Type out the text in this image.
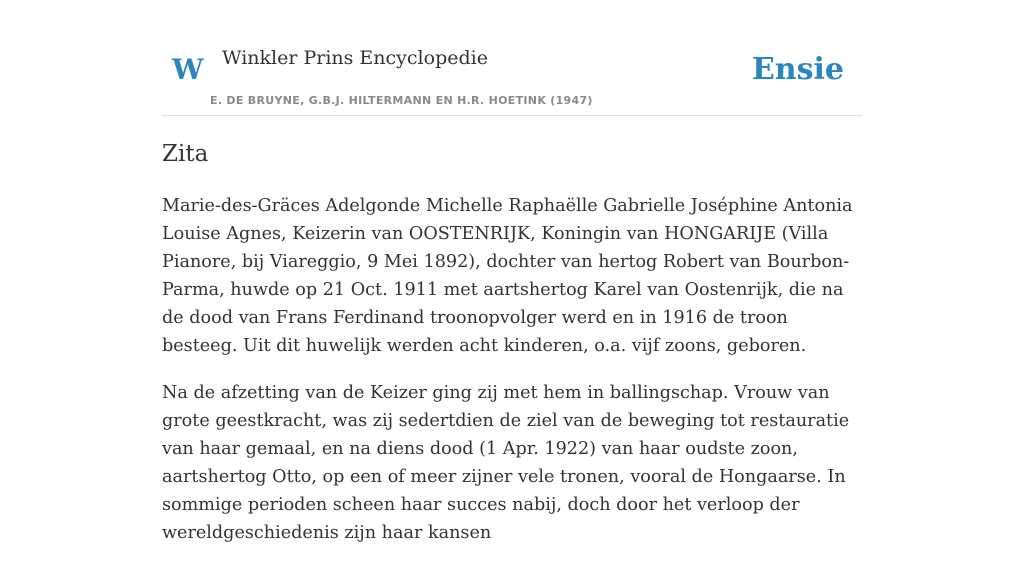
W Winkler Prins Encyclopedie
E. DE BRUYNE, G.B.J. HILTERMANN EN H.R. HOETINK (1947)
Ensie
Zita

Marie-des-Gräces Adelgonde Michelle Raphaëlle Gabrielle Joséphine Antonia Louise Agnes, Keizerin van OOSTENRIJK, Koningin van HONGARIJE (Villa Pianore, bij Viareggio, 9 Mei 1892), dochter van hertog Robert van Bourbon-Parma, huwde op 21 Oct. 1911 met aartshertog Karel van Oostenrijk, die na de dood van Frans Ferdinand troonopvolger werd en in 1916 de troon besteeg. Uit dit huwelijk werden acht kinderen, o.a. vijf zoons, geboren.

Na de afzetting van de Keizer ging zij met hem in ballingschap. Vrouw van grote geestkracht, was zij sedertdien de ziel van de beweging tot restauratie van haar gemaal, en na diens dood (1 Apr. 1922) van haar oudste zoon, aartshertog Otto, op een of meer zijner vele tronen, vooral de Hongaarse. In sommige perioden scheen haar succes nabij, doch door het verloop der wereldgeschiedenis zijn haar kansen
